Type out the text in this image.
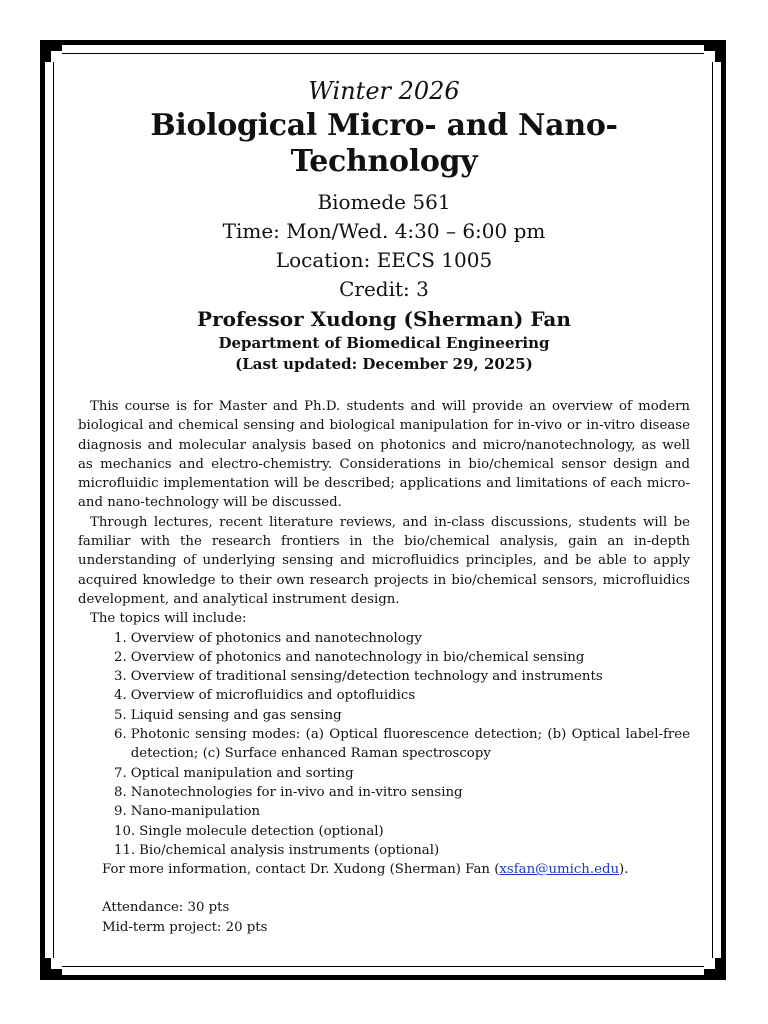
Winter 2026

Biological Micro- and Nano-Technology

Biomede 561

Time: Mon/Wed. 4:30 – 6:00 pm

Location: EECS 1005

Credit: 3

Professor Xudong (Sherman) Fan
Department of Biomedical Engineering
(Last updated: December 29, 2025)

This course is for Master and Ph.D. students and will provide an overview of modern biological and chemical sensing and biological manipulation for in-vivo or in-vitro disease diagnosis and molecular analysis based on photonics and micro/nanotechnology, as well as mechanics and electro-chemistry. Considerations in bio/chemical sensor design and microfluidic implementation will be described; applications and limitations of each micro- and nano-technology will be discussed.

Through lectures, recent literature reviews, and in-class discussions, students will be familiar with the research frontiers in the bio/chemical analysis, gain an in-depth understanding of underlying sensing and microfluidics principles, and be able to apply acquired knowledge to their own research projects in bio/chemical sensors, microfluidics development, and analytical instrument design.

The topics will include:

1. Overview of photonics and nanotechnology
2. Overview of photonics and nanotechnology in bio/chemical sensing
3. Overview of traditional sensing/detection technology and instruments
4. Overview of microfluidics and optofluidics
5. Liquid sensing and gas sensing
6. Photonic sensing modes: (a) Optical fluorescence detection; (b) Optical label-free detection; (c) Surface enhanced Raman spectroscopy
7. Optical manipulation and sorting
8. Nanotechnologies for in-vivo and in-vitro sensing
9. Nano-manipulation
10. Single molecule detection (optional)
11. Bio/chemical analysis instruments (optional)

For more information, contact Dr. Xudong (Sherman) Fan (xsfan@umich.edu).

Attendance: 30 pts
Mid-term project: 20 pts
